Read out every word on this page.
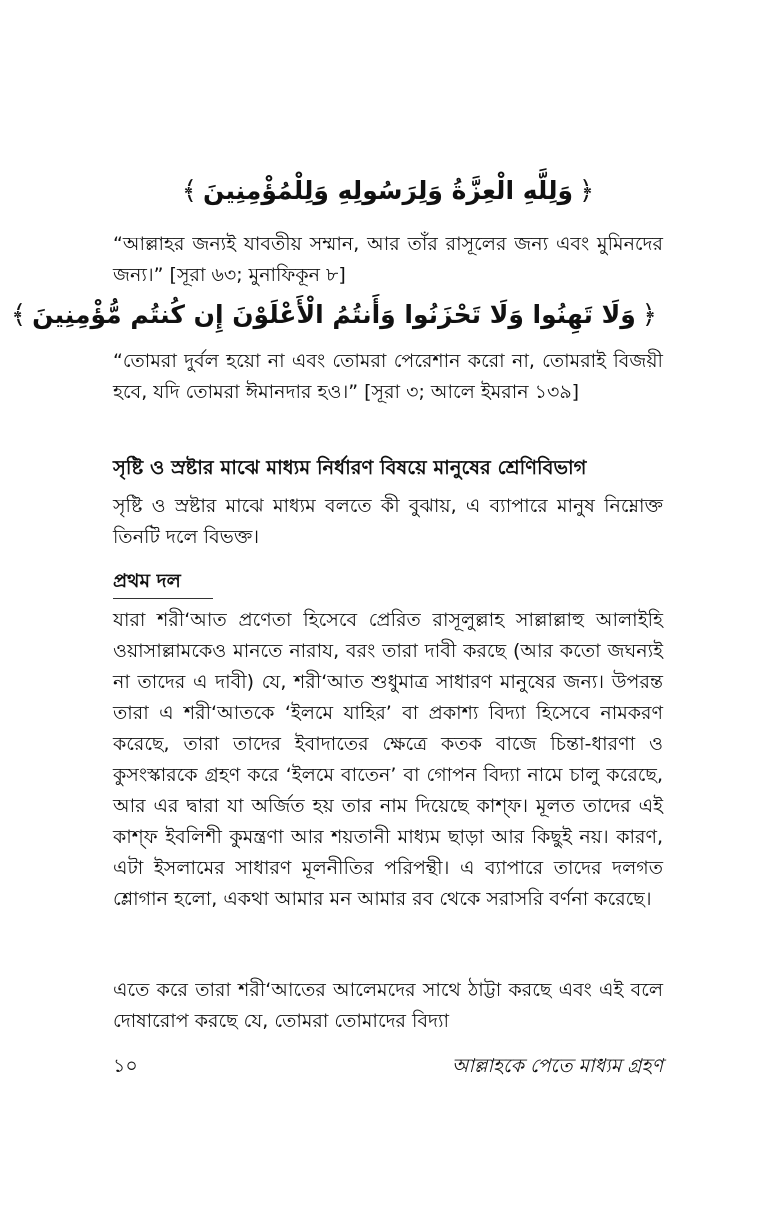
﴿وَلِلَّهِ الْعِزَّةُ وَلِرَسُولِهِ وَلِلْمُؤْمِنِينَ﴾

“আল্লাহর জন্যই যাবতীয় সম্মান, আর তাঁর রাসূলের জন্য এবং মুমিনদের জন্য।” [সূরা ৬৩; মুনাফিকূন ৮]

﴿وَلَا تَهِنُوا وَلَا تَحْزَنُوا وَأَنتُمُ الْأَعْلَوْنَ إِن كُنتُم مُّؤْمِنِينَ﴾

“তোমরা দুর্বল হয়ো না এবং তোমরা পেরেশান করো না, তোমরাই বিজয়ী হবে, যদি তোমরা ঈমানদার হও।” [সূরা ৩; আলে ইমরান ১৩৯]

সৃষ্টি ও স্রষ্টার মাঝে মাধ্যম নির্ধারণ বিষয়ে মানুষের শ্রেণিবিভাগ

সৃষ্টি ও স্রষ্টার মাঝে মাধ্যম বলতে কী বুঝায়, এ ব্যাপারে মানুষ নিম্নোক্ত তিনটি দলে বিভক্ত।

প্রথম দল

যারা শরী‘আত প্রণেতা হিসেবে প্রেরিত রাসূলুল্লাহ সাল্লাল্লাহু আলাইহি ওয়াসাল্লামকেও মানতে নারায, বরং তারা দাবী করছে (আর কতো জঘন্যই না তাদের এ দাবী) যে, শরী‘আত শুধুমাত্র সাধারণ মানুষের জন্য। উপরন্ত তারা এ শরী‘আতকে ‘ইলমে যাহির’ বা প্রকাশ্য বিদ্যা হিসেবে নামকরণ করেছে, তারা তাদের ইবাদাতের ক্ষেত্রে কতক বাজে চিন্তা-ধারণা ও কুসংস্কারকে গ্রহণ করে ‘ইলমে বাতেন’ বা গোপন বিদ্যা নামে চালু করেছে, আর এর দ্বারা যা অর্জিত হয় তার নাম দিয়েছে কাশ্‌ফ। মূলত তাদের এই কাশ্‌ফ ইবলিশী কুমন্ত্রণা আর শয়তানী মাধ্যম ছাড়া আর কিছুই নয়। কারণ, এটা ইসলামের সাধারণ মূলনীতির পরিপন্থী। এ ব্যাপারে তাদের দলগত শ্লোগান হলো, একথা আমার মন আমার রব থেকে সরাসরি বর্ণনা করেছে।

এতে করে তারা শরী‘আতের আলেমদের সাথে ঠাট্টা করছে এবং এই বলে দোষারোপ করছে যে, তোমরা তোমাদের বিদ্যা

১০	আল্লাহকে পেতে মাধ্যম গ্রহণ
